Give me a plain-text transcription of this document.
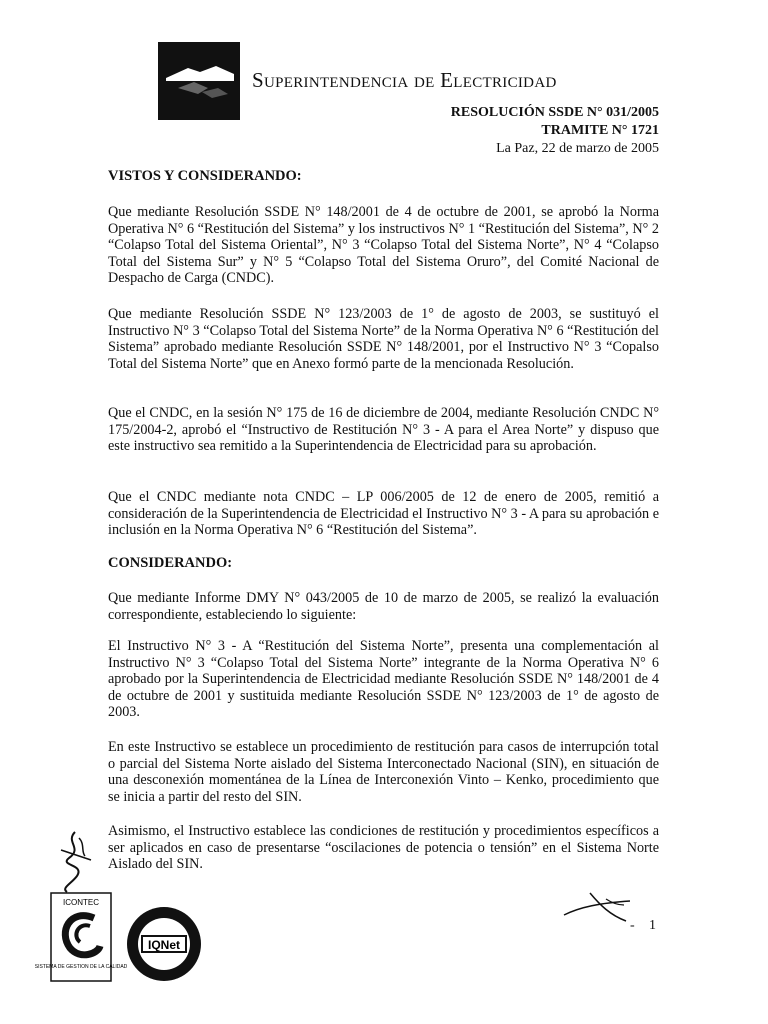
Superintendencia de Electricidad
RESOLUCIÓN SSDE N° 031/2005
TRAMITE N° 1721
La Paz, 22 de marzo de 2005
VISTOS Y CONSIDERANDO:
Que mediante Resolución SSDE N° 148/2001 de 4 de octubre de 2001, se aprobó la Norma Operativa N° 6 “Restitución del Sistema” y los instructivos N° 1 “Restitución del Sistema”, N° 2 “Colapso Total del Sistema Oriental”, N° 3 “Colapso Total del Sistema Norte”, N° 4 “Colapso Total del Sistema Sur” y N° 5 “Colapso Total del Sistema Oruro”, del Comité Nacional de Despacho de Carga (CNDC).
Que mediante Resolución SSDE N° 123/2003 de 1° de agosto de 2003, se sustituyó el Instructivo N° 3 “Colapso Total del Sistema Norte” de la Norma Operativa N° 6 “Restitución del Sistema” aprobado mediante Resolución SSDE N° 148/2001, por el Instructivo N° 3 “Copalso Total del Sistema Norte” que en Anexo formó parte de la mencionada Resolución.
Que el CNDC, en la sesión N° 175 de 16 de diciembre de 2004, mediante Resolución CNDC N° 175/2004-2, aprobó el “Instructivo de Restitución N° 3 - A para el Area Norte” y dispuso que este instructivo sea remitido a la Superintendencia de Electricidad para su aprobación.
Que el CNDC mediante nota CNDC – LP 006/2005 de 12 de enero de 2005, remitió a consideración de la Superintendencia de Electricidad el Instructivo N° 3 - A para su aprobación e inclusión en la Norma Operativa N° 6 “Restitución del Sistema”.
CONSIDERANDO:
Que mediante Informe DMY N° 043/2005 de 10 de marzo de 2005, se realizó la evaluación correspondiente, estableciendo lo siguiente:
El Instructivo N° 3 - A “Restitución del Sistema Norte”, presenta una complementación al Instructivo N° 3 “Colapso Total del Sistema Norte” integrante de la Norma Operativa N° 6 aprobado por la Superintendencia de Electricidad mediante Resolución SSDE N° 148/2001 de 4 de octubre de 2001 y sustituida mediante Resolución SSDE N° 123/2003 de 1° de agosto de 2003.
En este Instructivo se establece un procedimiento de restitución para casos de interrupción total o parcial del Sistema Norte aislado del Sistema Interconectado Nacional (SIN), en situación de una desconexión momentánea de la Línea de Interconexión Vinto – Kenko, procedimiento que se inicia a partir del resto del SIN.
Asimismo, el Instructivo establece las condiciones de restitución y procedimientos específicos a ser aplicados en caso de presentarse “oscilaciones de potencia o tensión” en el Sistema Norte Aislado del SIN.
ICONTEC
SISTEMA DE GESTION DE LA CALIDAD
IQNet
- 1
